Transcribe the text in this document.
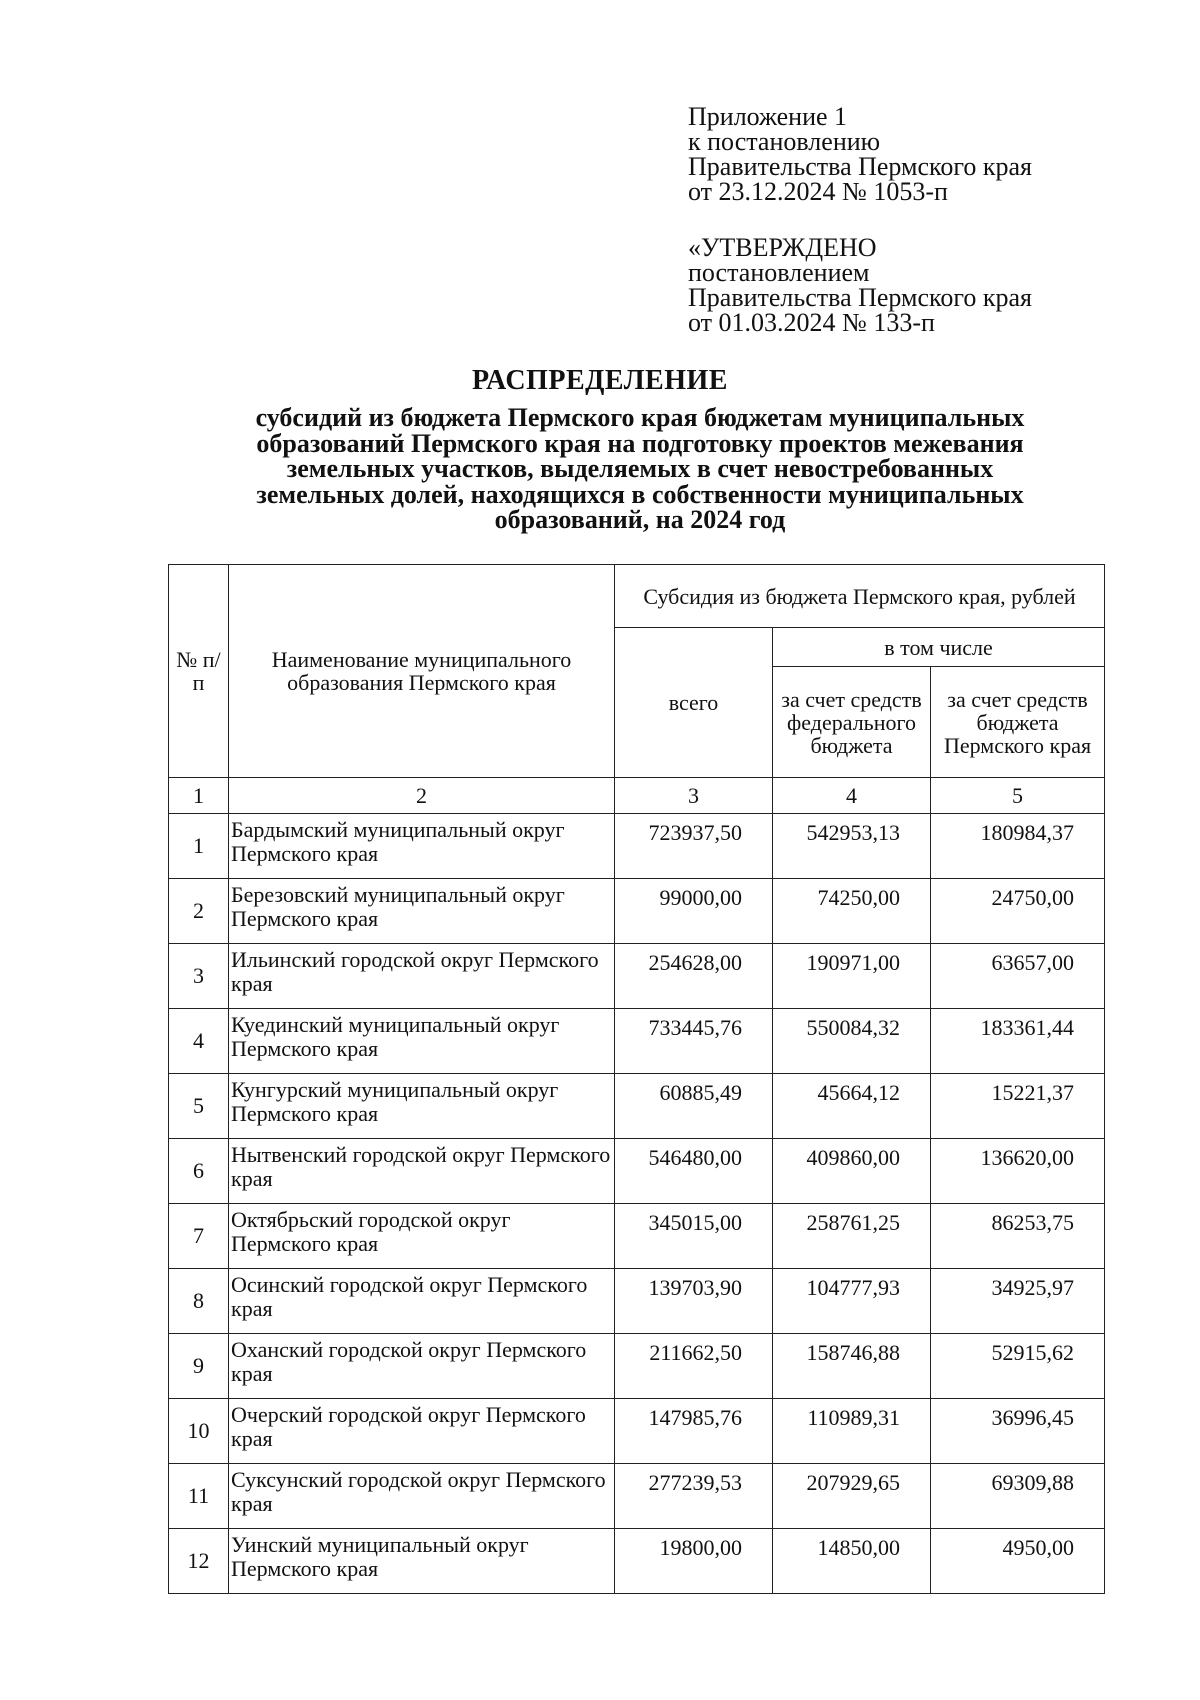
Приложение 1
к постановлению
Правительства Пермского края
от 23.12.2024 № 1053-п
«УТВЕРЖДЕНО
постановлением
Правительства Пермского края
от 01.03.2024 № 133-п
РАСПРЕДЕЛЕНИЕ
субсидий из бюджета Пермского края бюджетам муниципальных
образований Пермского края на подготовку проектов межевания
земельных участков, выделяемых в счет невостребованных
земельных долей, находящихся в собственности муниципальных
образований, на 2024 год
№ п/п	Наименование муниципального образования Пермского края	Субсидия из бюджета Пермского края, рублей		
		всего	в том числе	
			за счет средств федерального бюджета	за счет средств бюджета Пермского края
1	2	3	4	5
1	Бардымский муниципальный округ Пермского края	723937,50	542953,13	180984,37
2	Березовский муниципальный округ Пермского края	99000,00	74250,00	24750,00
3	Ильинский городской округ Пермского края	254628,00	190971,00	63657,00
4	Куединский муниципальный округ Пермского края	733445,76	550084,32	183361,44
5	Кунгурский муниципальный округ Пермского края	60885,49	45664,12	15221,37
6	Нытвенский городской округ Пермского края	546480,00	409860,00	136620,00
7	Октябрьский городской округ Пермского края	345015,00	258761,25	86253,75
8	Осинский городской округ Пермского края	139703,90	104777,93	34925,97
9	Оханский городской округ Пермского края	211662,50	158746,88	52915,62
10	Очерский городской округ Пермского края	147985,76	110989,31	36996,45
11	Суксунский городской округ Пермского края	277239,53	207929,65	69309,88
12	Уинский муниципальный округ Пермского края	19800,00	14850,00	4950,00
